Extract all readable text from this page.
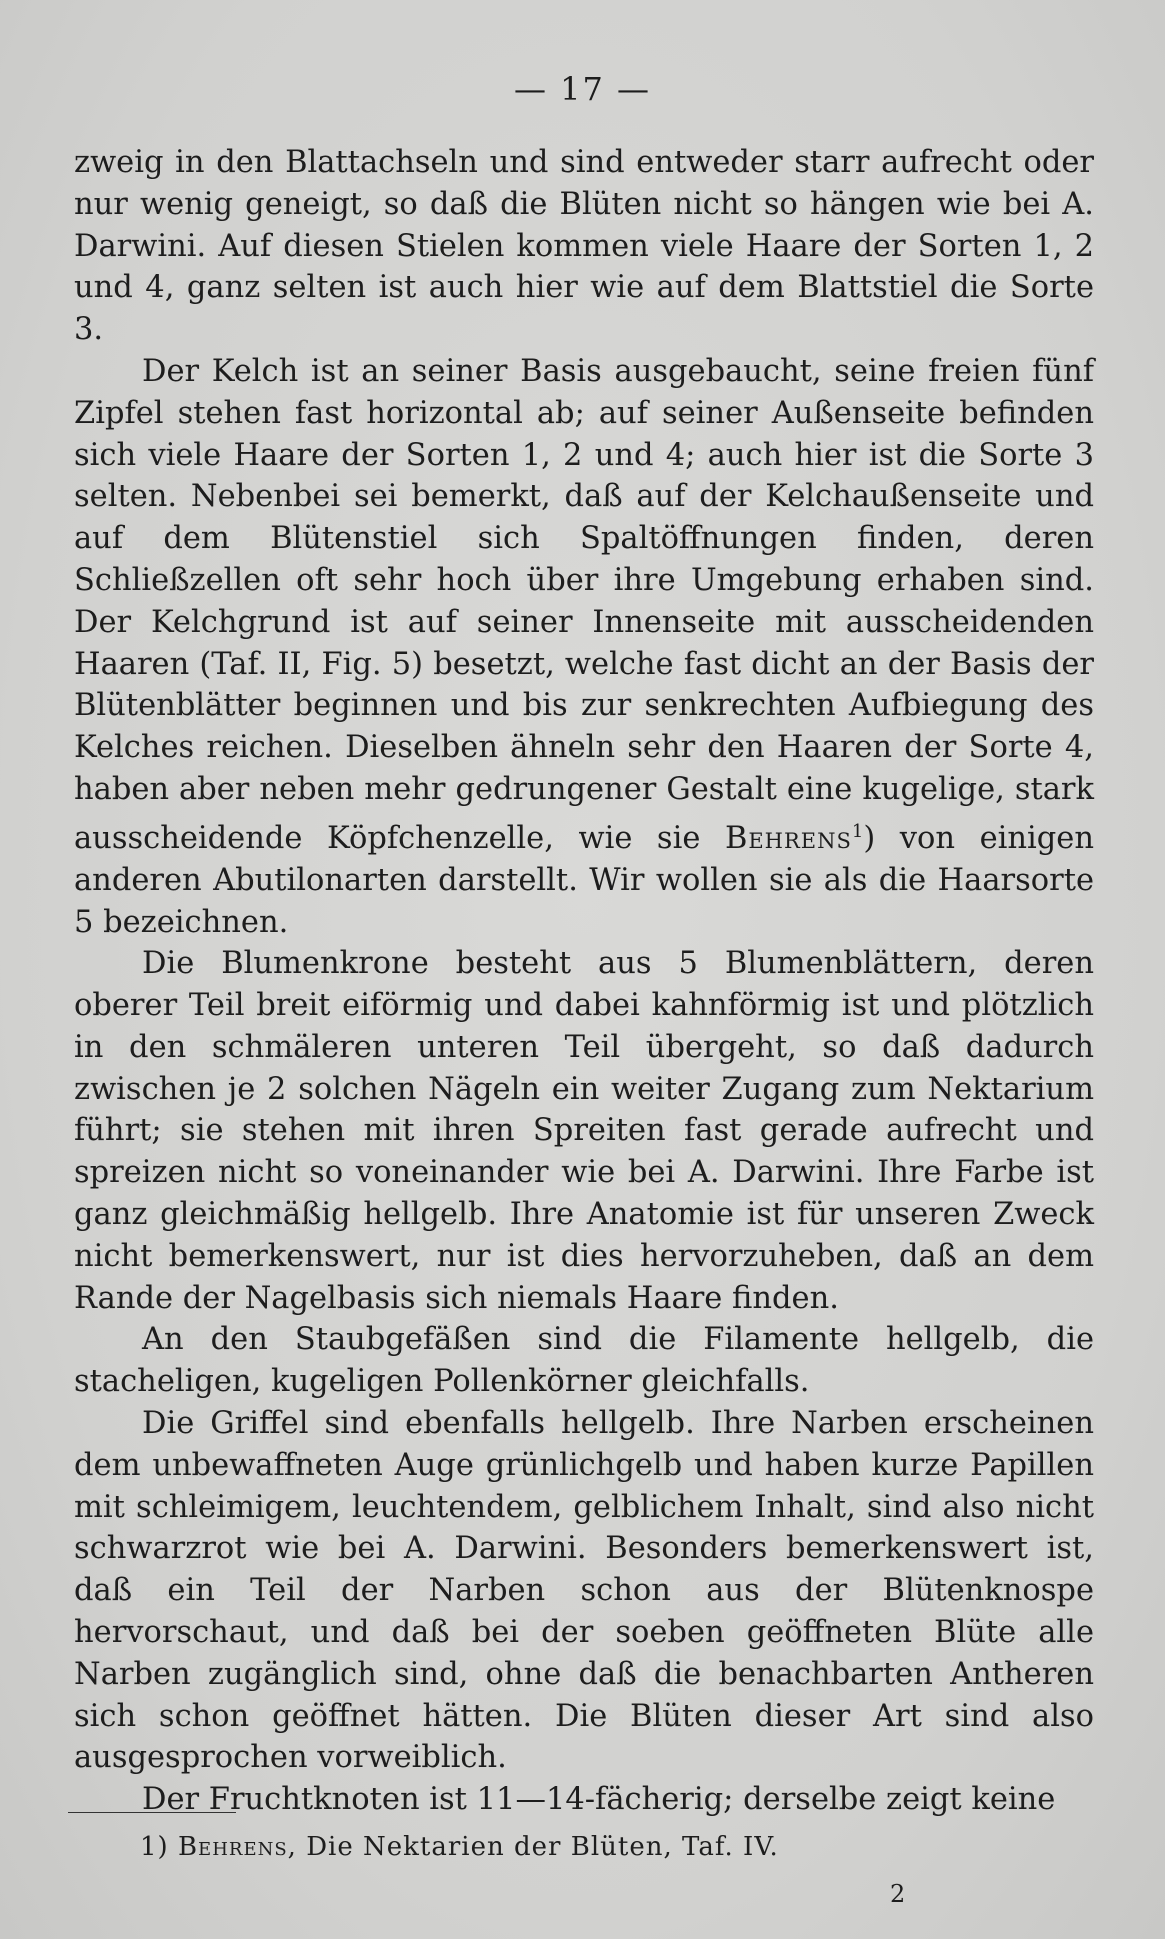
— 17 —

zweig in den Blattachseln und sind entweder starr aufrecht oder nur wenig geneigt, so daß die Blüten nicht so hängen wie bei A. Darwini. Auf diesen Stielen kommen viele Haare der Sorten 1, 2 und 4, ganz selten ist auch hier wie auf dem Blattstiel die Sorte 3.

Der Kelch ist an seiner Basis ausgebaucht, seine freien fünf Zipfel stehen fast horizontal ab; auf seiner Außenseite befinden sich viele Haare der Sorten 1, 2 und 4; auch hier ist die Sorte 3 selten. Nebenbei sei bemerkt, daß auf der Kelchaußenseite und auf dem Blütenstiel sich Spaltöffnungen finden, deren Schließzellen oft sehr hoch über ihre Umgebung erhaben sind. Der Kelchgrund ist auf seiner Innenseite mit ausscheidenden Haaren (Taf. II, Fig. 5) besetzt, welche fast dicht an der Basis der Blütenblätter beginnen und bis zur senkrechten Aufbiegung des Kelches reichen. Dieselben ähneln sehr den Haaren der Sorte 4, haben aber neben mehr gedrungener Gestalt eine kugelige, stark ausscheidende Köpfchenzelle, wie sie Behrens$^1$) von einigen anderen Abutilonarten darstellt. Wir wollen sie als die Haarsorte 5 bezeichnen.

Die Blumenkrone besteht aus 5 Blumenblättern, deren oberer Teil breit eiförmig und dabei kahnförmig ist und plötzlich in den schmäleren unteren Teil übergeht, so daß dadurch zwischen je 2 solchen Nägeln ein weiter Zugang zum Nektarium führt; sie stehen mit ihren Spreiten fast gerade aufrecht und spreizen nicht so voneinander wie bei A. Darwini. Ihre Farbe ist ganz gleichmäßig hellgelb. Ihre Anatomie ist für unseren Zweck nicht bemerkenswert, nur ist dies hervorzuheben, daß an dem Rande der Nagelbasis sich niemals Haare finden.

An den Staubgefäßen sind die Filamente hellgelb, die stacheligen, kugeligen Pollenkörner gleichfalls.

Die Griffel sind ebenfalls hellgelb. Ihre Narben erscheinen dem unbewaffneten Auge grünlichgelb und haben kurze Papillen mit schleimigem, leuchtendem, gelblichem Inhalt, sind also nicht schwarzrot wie bei A. Darwini. Besonders bemerkenswert ist, daß ein Teil der Narben schon aus der Blütenknospe hervorschaut, und daß bei der soeben geöffneten Blüte alle Narben zugänglich sind, ohne daß die benachbarten Antheren sich schon geöffnet hätten. Die Blüten dieser Art sind also ausgesprochen vorweiblich.

Der Fruchtknoten ist 11—14-fächerig; derselbe zeigt keine

1) Behrens, Die Nektarien der Blüten, Taf. IV.
2
